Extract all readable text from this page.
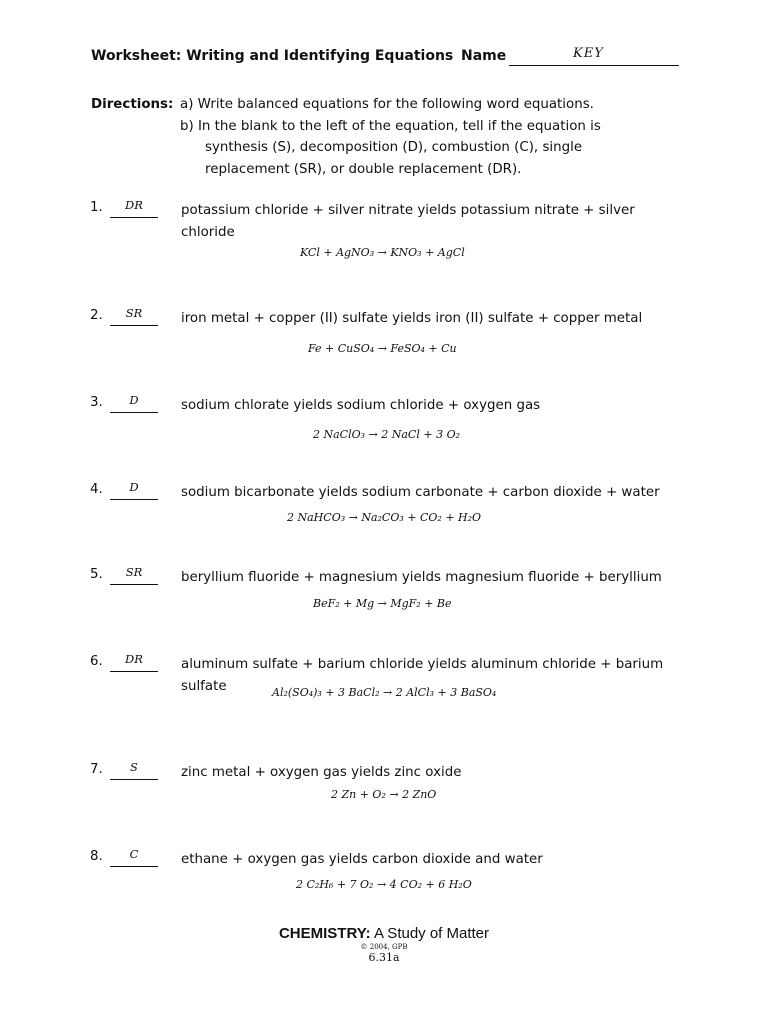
Worksheet: Writing and Identifying Equations Name	KEY
Directions: a) Write balanced equations for the following word equations.
b) In the blank to the left of the equation, tell if the equation is
synthesis (S), decomposition (D), combustion (C), single
replacement (SR), or double replacement (DR).
1.	DR	potassium chloride + silver nitrate yields potassium nitrate + silver chloride
KCl + AgNO₃ → KNO₃ + AgCl
2.	SR	iron metal + copper (II) sulfate yields iron (II) sulfate + copper metal
Fe + CuSO₄ → FeSO₄ + Cu
3.	D	sodium chlorate yields sodium chloride + oxygen gas
2 NaClO₃ → 2 NaCl + 3 O₂
4.	D	sodium bicarbonate yields sodium carbonate + carbon dioxide + water
2 NaHCO₃ → Na₂CO₃ + CO₂ + H₂O
5.	SR	beryllium fluoride + magnesium yields magnesium fluoride + beryllium
BeF₂ + Mg → MgF₂ + Be
6.	DR	aluminum sulfate + barium chloride yields aluminum chloride + barium sulfate	Al₂(SO₄)₃ + 3 BaCl₂ → 2 AlCl₃ + 3 BaSO₄
7.	S	zinc metal + oxygen gas yields zinc oxide
2 Zn + O₂ → 2 ZnO
8.	C	ethane + oxygen gas yields carbon dioxide and water
2 C₂H₆ + 7 O₂ → 4 CO₂ + 6 H₂O
CHEMISTRY: A Study of Matter
© 2004, GPB
6.31a
